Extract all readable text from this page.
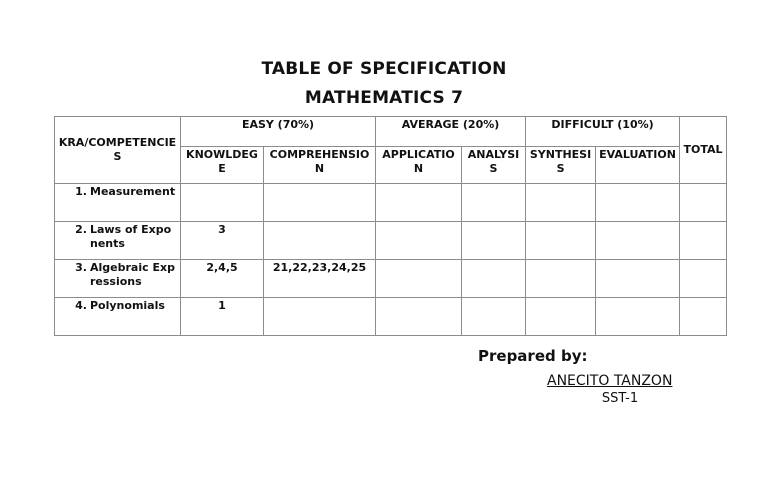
TABLE OF SPECIFICATION
MATHEMATICS 7
KRA/COMPETENCIES	EASY (70%)		AVERAGE (20%)		DIFFICULT (10%)		TOTAL
	KNOWLDEGE	COMPREHENSION	APPLICATION	ANALYSIS	SYNTHESIS	EVALUATION	

1. Measurement							

2. Laws of Exponents	3						

3. Algebraic Expressions	2,4,5	21,22,23,24,25					

4. Polynomials	1						
Prepared by:
ANECITO TANZON
SST-1
